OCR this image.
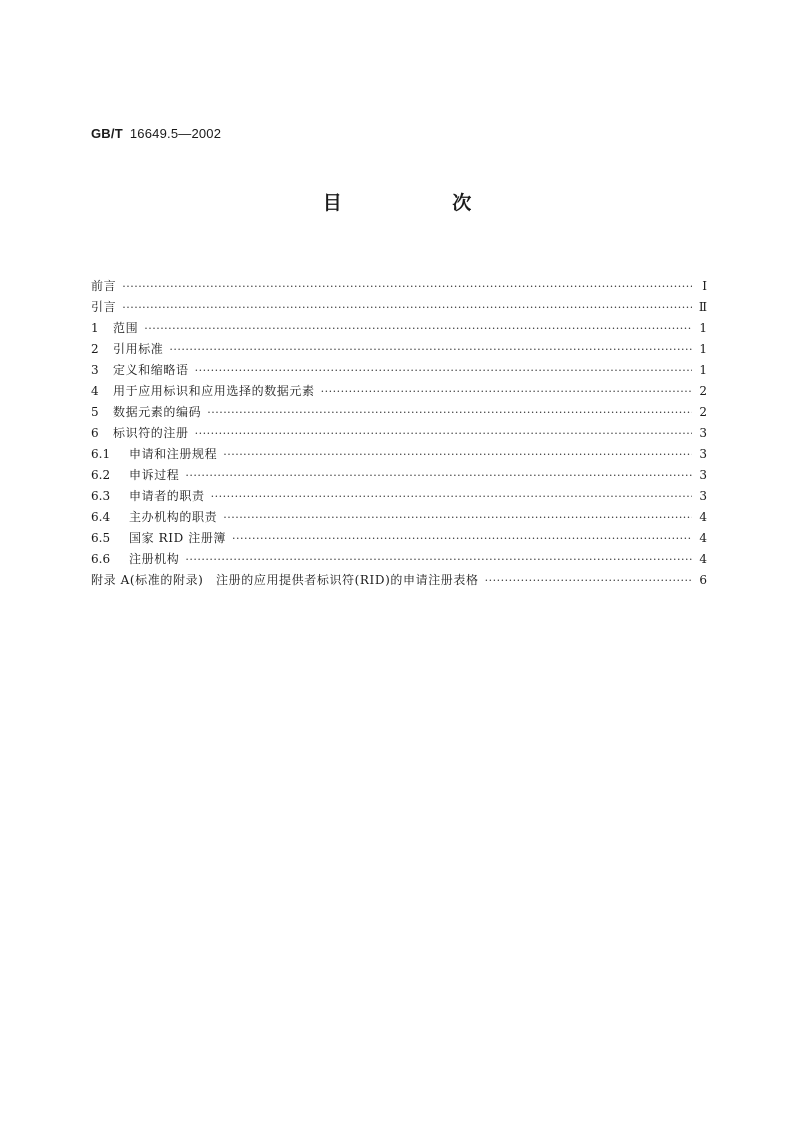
GB/T 16649.5—2002
目 次
前言 ·····	Ⅰ
引言 ·····	Ⅱ
1	范围 ·····	1
2	引用标准 ·····	1
3	定义和缩略语 ·····	1
4	用于应用标识和应用选择的数据元素 ·····	2
5	数据元素的编码 ·····	2
6	标识符的注册 ·····	3
6.1	申请和注册规程 ·····	3
6.2	申诉过程 ·····	3
6.3	申请者的职责 ·····	3
6.4	主办机构的职责 ·····	4
6.5	国家 RID 注册簿 ·····	4
6.6	注册机构 ·····	4
附录 A(标准的附录)　注册的应用提供者标识符(RID)的申请注册表格 ·····	6
